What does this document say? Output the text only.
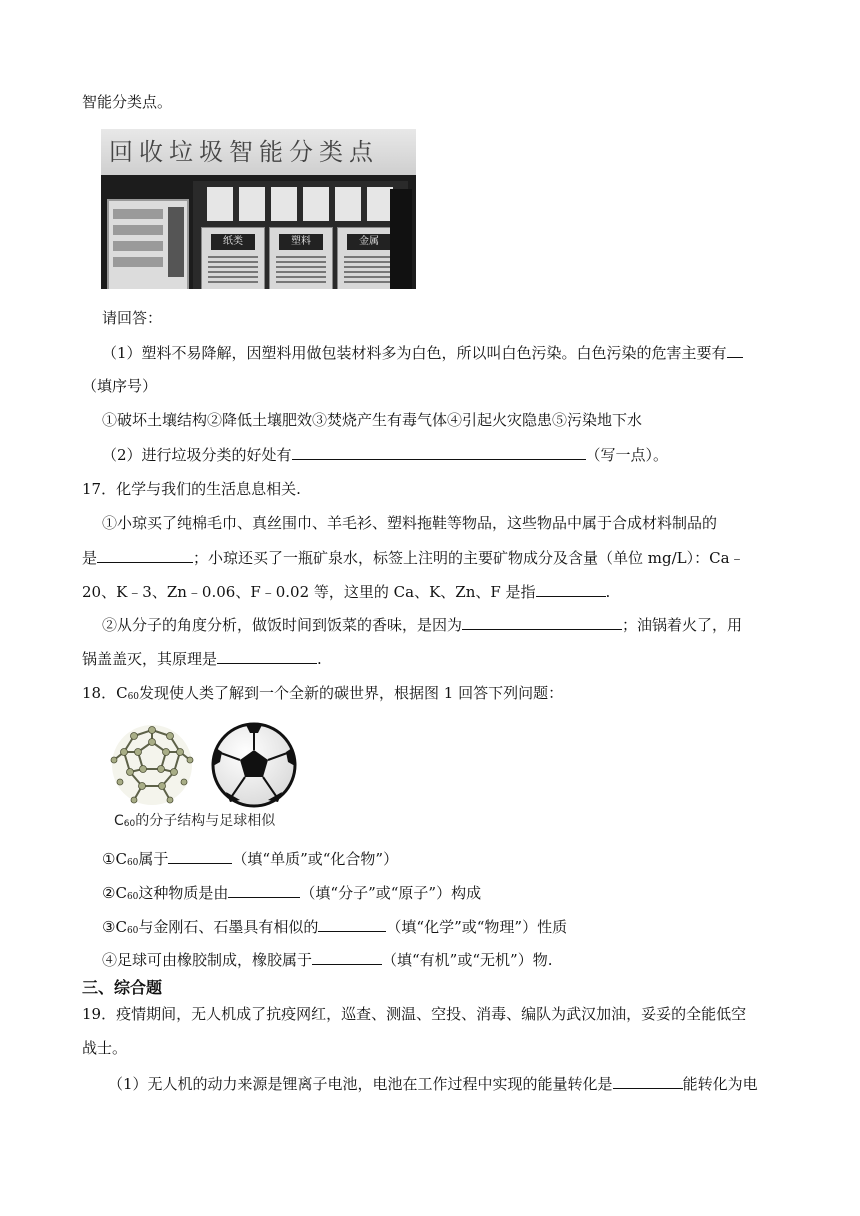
智能分类点。
回收垃圾智能分类点
纸类	塑料	金属
请回答：
（1）塑料不易降解，因塑料用做包装材料多为白色，所以叫白色污染。白色污染的危害主要有
（填序号）
①破坏土壤结构②降低土壤肥效③焚烧产生有毒气体④引起火灾隐患⑤污染地下水
（2）进行垃圾分类的好处有	（写一点）。
17．化学与我们的生活息息相关.
①小琼买了纯棉毛巾、真丝围巾、羊毛衫、塑料拖鞋等物品，这些物品中属于合成材料制品的
是	；小琼还买了一瓶矿泉水，标签上注明的主要矿物成分及含量（单位 mg/L）：Ca﹣
20、K﹣3、Zn﹣0.06、F﹣0.02 等，这里的 Ca、K、Zn、F 是指	.
②从分子的角度分析，做饭时间到饭菜的香味，是因为	；油锅着火了，用
锅盖盖灭，其原理是	.
18．$C_{60}$发现使人类了解到一个全新的碳世界，根据图 1 回答下列问题：
$C_{60}$的分子结构与足球相似
$①C_{60}$属于	（填“单质”或“化合物”）
$②C_{60}$这种物质是由	（填“分子”或“原子”）构成
$③C_{60}$与金刚石、石墨具有相似的	（填“化学”或“物理”）性质
④足球可由橡胶制成，橡胶属于	（填“有机”或“无机”）物.
三、综合题
19．疫情期间，无人机成了抗疫网红，巡查、测温、空投、消毒、编队为武汉加油，妥妥的全能低空
战士。
（1）无人机的动力来源是锂离子电池，电池在工作过程中实现的能量转化是	能转化为电
